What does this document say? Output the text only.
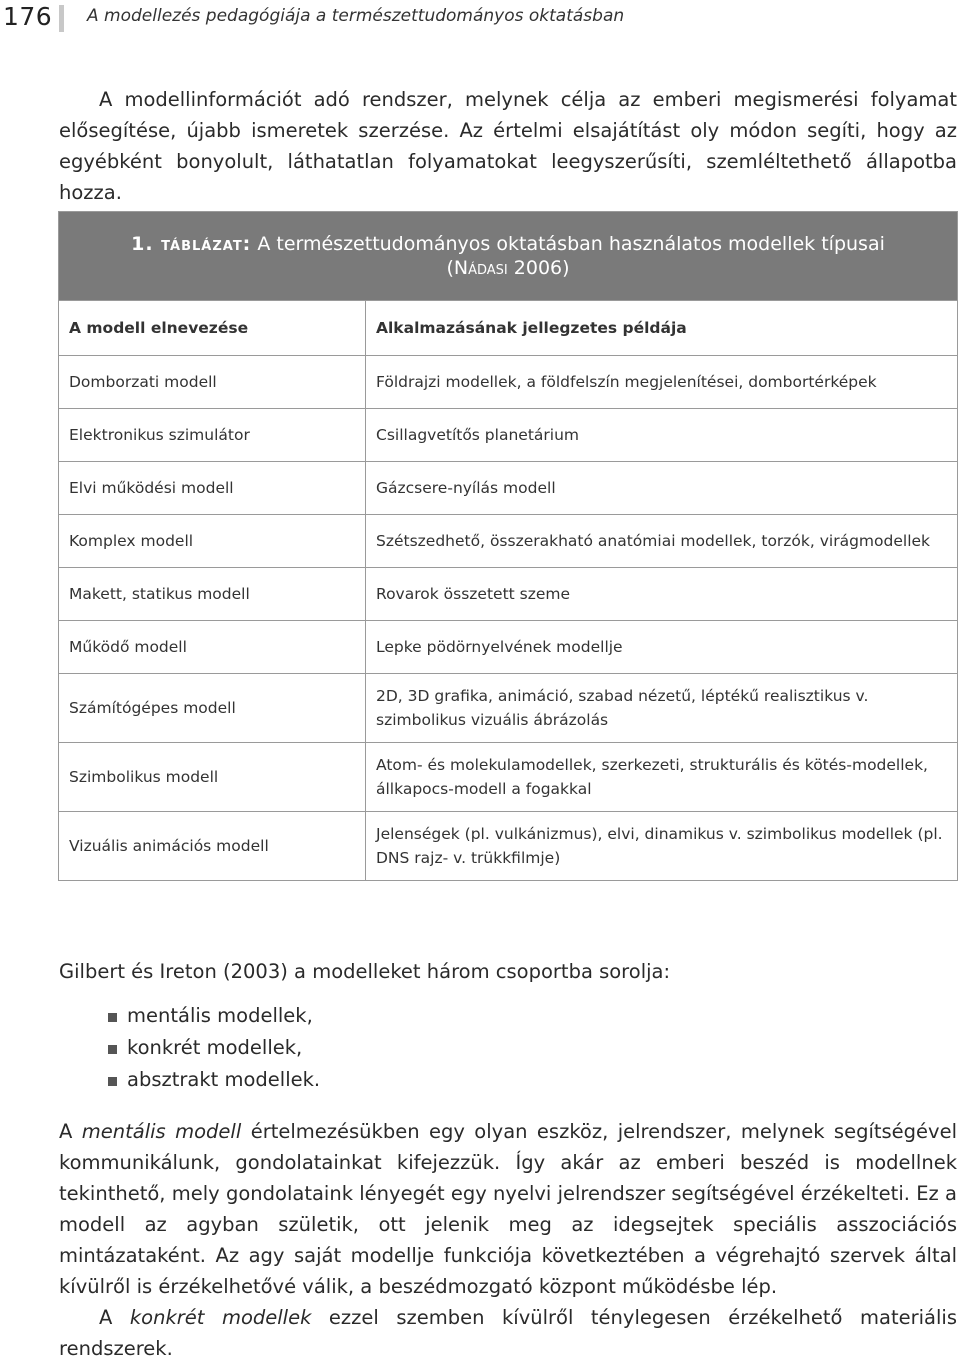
176 A modellezés pedagógiája a természettudományos oktatásban

A modellinformációt adó rendszer, melynek célja az emberi megismerési folyamat elősegítése, újabb ismeretek szerzése. Az értelmi elsajátítást oly módon segíti, hogy az egyébként bonyolult, láthatatlan folyamatokat leegyszerűsíti, szemléltethető állapotba hozza.

1. táblázat: A természettudományos oktatásban használatos modellek típusai
(Nádasi 2006)	
A modell elnevezése	Alkalmazásának jellegzetes példája
Domborzati modell	Földrajzi modellek, a földfelszín megjelenítései, dombortérképek
Elektronikus szimulátor	Csillagvetítős planetárium
Elvi működési modell	Gázcsere-nyílás modell
Komplex modell	Szétszedhető, összerakható anatómiai modellek, torzók, virágmodellek
Makett, statikus modell	Rovarok összetett szeme
Működő modell	Lepke pödörnyelvének modellje
Számítógépes modell	2D, 3D grafika, animáció, szabad nézetű, léptékű realisztikus v. szimbolikus vizuális ábrázolás
Szimbolikus modell	Atom- és molekulamodellek, szerkezeti, strukturális és kötés-modellek, állkapocs-modell a fogakkal
Vizuális animációs modell	Jelenségek (pl. vulkánizmus), elvi, dinamikus v. szimbolikus modellek (pl. DNS rajz- v. trükkfilmje)
Gilbert és Ireton (2003) a modelleket három csoportba sorolja:
mentális modellek,
konkrét modellek,
absztrakt modellek.

A mentális modell értelmezésükben egy olyan eszköz, jelrendszer, melynek segítségével kommunikálunk, gondolatainkat kifejezzük. Így akár az emberi beszéd is modellnek tekinthető, mely gondolataink lényegét egy nyelvi jelrendszer segítségével érzékelteti. Ez a modell az agyban születik, ott jelenik meg az idegsejtek speciális asszociációs mintázataként. Az agy saját modellje funkciója következtében a végrehajtó szervek által kívülről is érzékelhetővé válik, a beszédmozgató központ működésbe lép.

A konkrét modellek ezzel szemben kívülről ténylegesen érzékelhető materiális rendszerek.
